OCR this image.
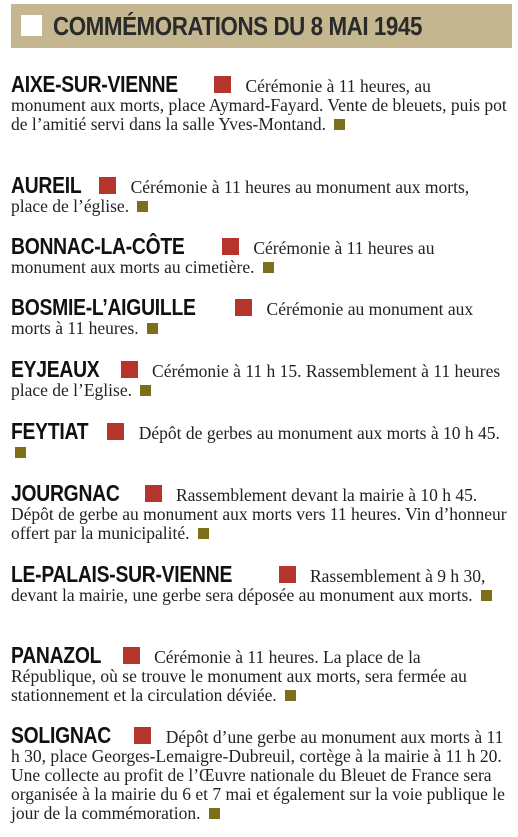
COMMÉMORATIONS DU 8 MAI 1945
AIXE-SUR-VIENNE	Cérémonie à 11 heures, au monument aux morts, place Aymard-Fayard. Vente de bleuets, puis pot de l’amitié servi dans la salle Yves-Montand.
AUREIL	Cérémonie à 11 heures au monument aux morts, place de l’église.
BONNAC-LA-CÔTE	Cérémonie à 11 heures au monument aux morts au cimetière.
BOSMIE-L’AIGUILLE	Cérémonie au monument aux morts à 11 heures.
EYJEAUX	Cérémonie à 11 h 15. Rassemblement à 11 heures place de l’Eglise.
FEYTIAT	Dépôt de gerbes au monument aux morts à 10 h 45.
JOURGNAC	Rassemblement devant la mairie à 10 h 45. Dépôt de gerbe au monument aux morts vers 11 heures. Vin d’honneur offert par la municipalité.
LE-PALAIS-SUR-VIENNE	Rassemblement à 9 h 30, devant la mairie, une gerbe sera déposée au monument aux morts.
PANAZOL	Cérémonie à 11 heures. La place de la République, où se trouve le monument aux morts, sera fermée au stationnement et la circulation déviée.
SOLIGNAC	Dépôt d’une gerbe au monument aux morts à 11 h 30, place Georges-Lemaigre-Dubreuil, cortège à la mairie à 11 h 20. Une collecte au profit de l’Œuvre nationale du Bleuet de France sera organisée à la mairie du 6 et 7 mai et également sur la voie publique le jour de la commémoration.
